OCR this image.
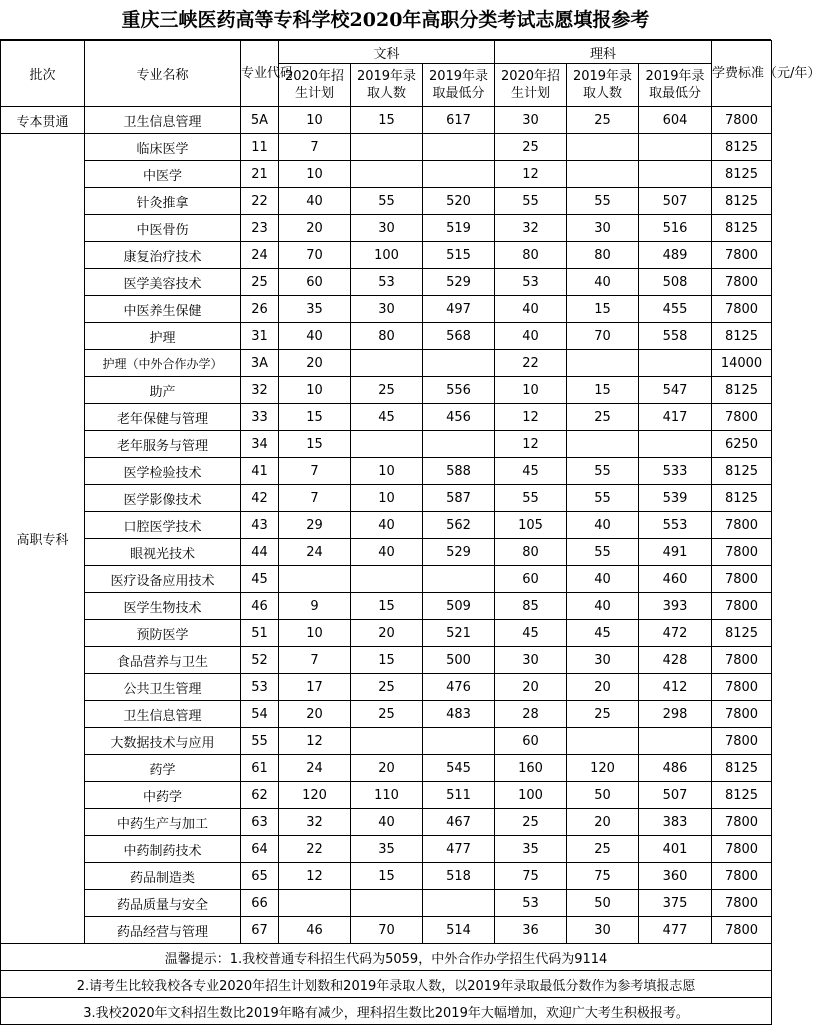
重庆三峡医药高等专科学校2020年高职分类考试志愿填报参考
批次	专业名称	专业代码	文科			理科			学费标准（元/年）
			2020年招生计划	2019年录取人数	2019年录取最低分	2020年招生计划	2019年录取人数	2019年录取最低分	
专本贯通	卫生信息管理	5A	10	15	617	30	25	604	7800
高职专科	临床医学	11	7			25			8125
	中医学	21	10			12			8125
	针灸推拿	22	40	55	520	55	55	507	8125
	中医骨伤	23	20	30	519	32	30	516	8125
	康复治疗技术	24	70	100	515	80	80	489	7800
	医学美容技术	25	60	53	529	53	40	508	7800
	中医养生保健	26	35	30	497	40	15	455	7800
	护理	31	40	80	568	40	70	558	8125
	护理（中外合作办学）	3A	20			22			14000
	助产	32	10	25	556	10	15	547	8125
	老年保健与管理	33	15	45	456	12	25	417	7800
	老年服务与管理	34	15			12			6250
	医学检验技术	41	7	10	588	45	55	533	8125
	医学影像技术	42	7	10	587	55	55	539	8125
	口腔医学技术	43	29	40	562	105	40	553	7800
	眼视光技术	44	24	40	529	80	55	491	7800
	医疗设备应用技术	45				60	40	460	7800
	医学生物技术	46	9	15	509	85	40	393	7800
	预防医学	51	10	20	521	45	45	472	8125
	食品营养与卫生	52	7	15	500	30	30	428	7800
	公共卫生管理	53	17	25	476	20	20	412	7800
	卫生信息管理	54	20	25	483	28	25	298	7800
	大数据技术与应用	55	12			60			7800
	药学	61	24	20	545	160	120	486	8125
	中药学	62	120	110	511	100	50	507	8125
	中药生产与加工	63	32	40	467	25	20	383	7800
	中药制药技术	64	22	35	477	35	25	401	7800
	药品制造类	65	12	15	518	75	75	360	7800
	药品质量与安全	66				53	50	375	7800
	药品经营与管理	67	46	70	514	36	30	477	7800
温馨提示：1.我校普通专科招生代码为5059，中外合作办学招生代码为9114									
2.请考生比较我校各专业2020年招生计划数和2019年录取人数，以2019年录取最低分数作为参考填报志愿									
3.我校2020年文科招生数比2019年略有减少，理科招生数比2019年大幅增加，欢迎广大考生积极报考。									
